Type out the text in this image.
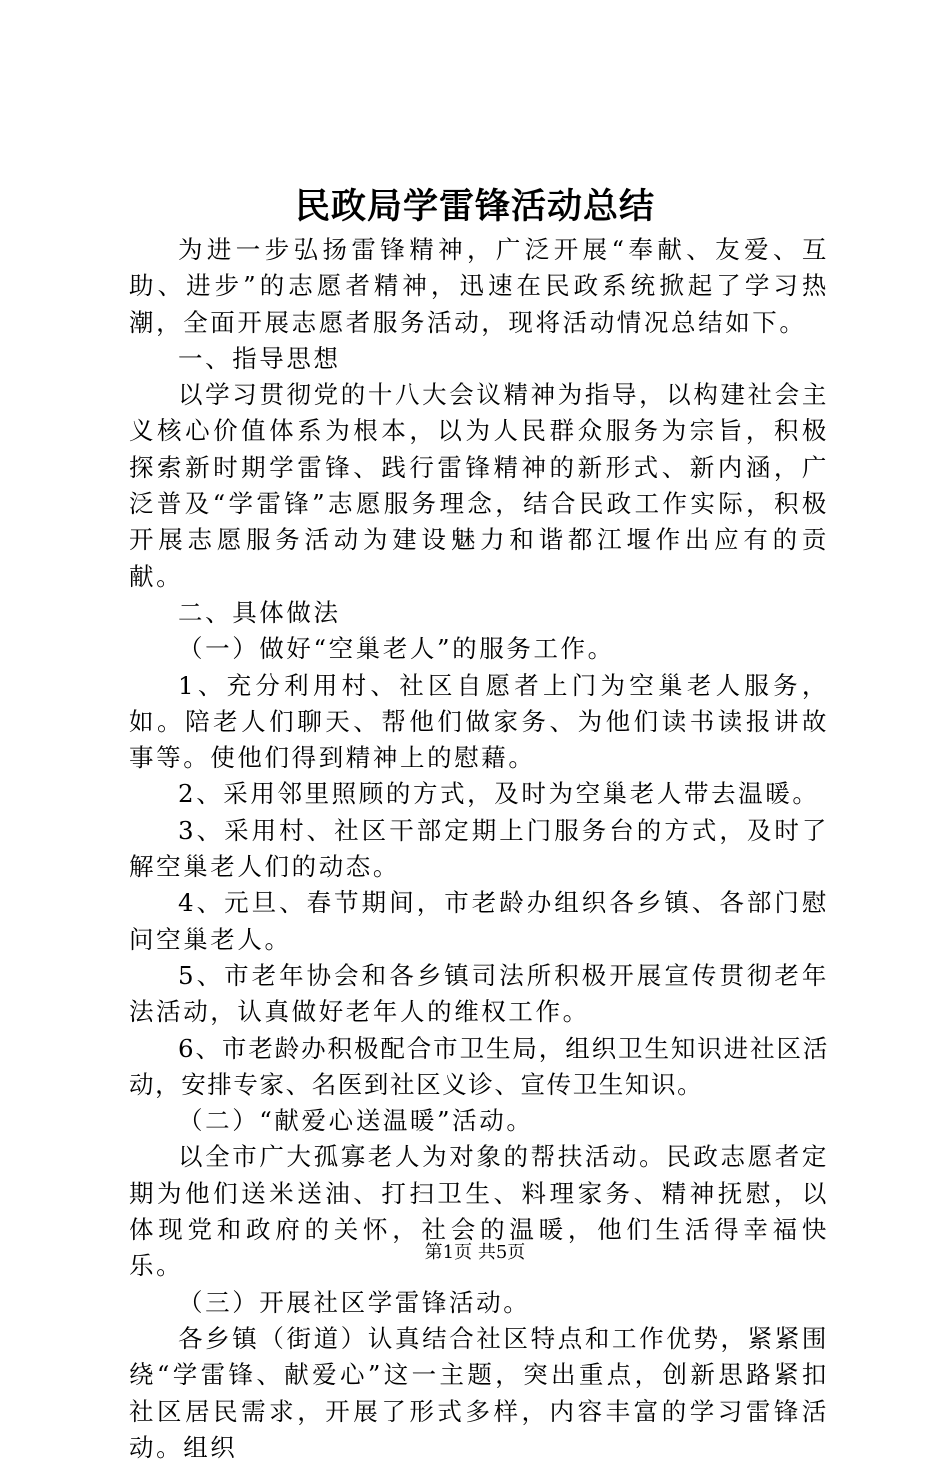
民政局学雷锋活动总结

为进一步弘扬雷锋精神，广泛开展“奉献、友爱、互助、进步”的志愿者精神，迅速在民政系统掀起了学习热潮，全面开展志愿者服务活动，现将活动情况总结如下。

一、指导思想

以学习贯彻党的十八大会议精神为指导，以构建社会主义核心价值体系为根本，以为人民群众服务为宗旨，积极探索新时期学雷锋、践行雷锋精神的新形式、新内涵，广泛普及“学雷锋”志愿服务理念，结合民政工作实际，积极开展志愿服务活动为建设魅力和谐都江堰作出应有的贡献。

二、具体做法

（一）做好“空巢老人”的服务工作。

1、充分利用村、社区自愿者上门为空巢老人服务，如。陪老人们聊天、帮他们做家务、为他们读书读报讲故事等。使他们得到精神上的慰藉。

2、采用邻里照顾的方式，及时为空巢老人带去温暖。

3、采用村、社区干部定期上门服务台的方式，及时了解空巢老人们的动态。

4、元旦、春节期间，市老龄办组织各乡镇、各部门慰问空巢老人。

5、市老年协会和各乡镇司法所积极开展宣传贯彻老年法活动，认真做好老年人的维权工作。

6、市老龄办积极配合市卫生局，组织卫生知识进社区活动，安排专家、名医到社区义诊、宣传卫生知识。

（二）“献爱心送温暖”活动。

以全市广大孤寡老人为对象的帮扶活动。民政志愿者定期为他们送米送油、打扫卫生、料理家务、精神抚慰，以体现党和政府的关怀，社会的温暖，他们生活得幸福快乐。

（三）开展社区学雷锋活动。

各乡镇（街道）认真结合社区特点和工作优势，紧紧围绕“学雷锋、献爱心”这一主题，突出重点，创新思路紧扣社区居民需求，开展了形式多样，内容丰富的学习雷锋活动。组织

第1页 共5页
